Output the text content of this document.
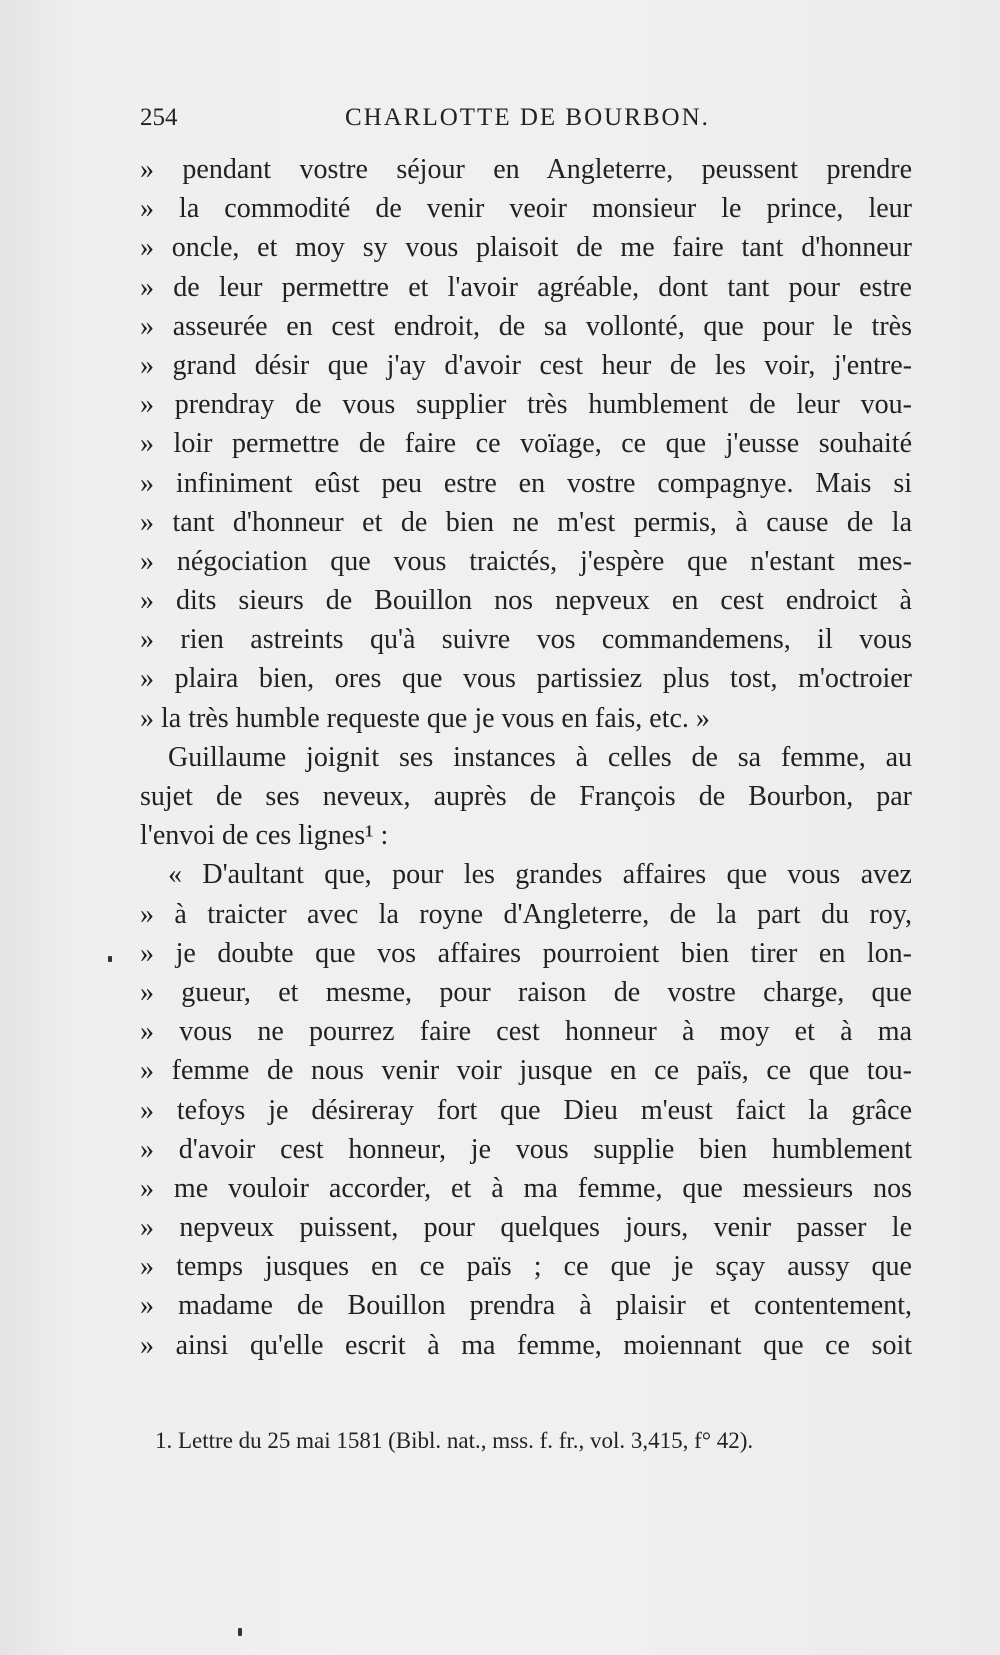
254	CHARLOTTE DE BOURBON.
» pendant vostre séjour en Angleterre, peussent prendre
» la commodité de venir veoir monsieur le prince, leur
» oncle, et moy sy vous plaisoit de me faire tant d'honneur
» de leur permettre et l'avoir agréable, dont tant pour estre
» asseurée en cest endroit, de sa vollonté, que pour le très
» grand désir que j'ay d'avoir cest heur de les voir, j'entre-
» prendray de vous supplier très humblement de leur vou-
» loir permettre de faire ce voïage, ce que j'eusse souhaité
» infiniment eûst peu estre en vostre compagnye. Mais si
» tant d'honneur et de bien ne m'est permis, à cause de la
» négociation que vous traictés, j'espère que n'estant mes-
» dits sieurs de Bouillon nos nepveux en cest endroict à
» rien astreints qu'à suivre vos commandemens, il vous
» plaira bien, ores que vous partissiez plus tost, m'octroier
» la très humble requeste que je vous en fais, etc. »
Guillaume joignit ses instances à celles de sa femme, au
sujet de ses neveux, auprès de François de Bourbon, par
l'envoi de ces lignes¹ :
« D'aultant que, pour les grandes affaires que vous avez
» à traicter avec la royne d'Angleterre, de la part du roy,
» je doubte que vos affaires pourroient bien tirer en lon-
» gueur, et mesme, pour raison de vostre charge, que
» vous ne pourrez faire cest honneur à moy et à ma
» femme de nous venir voir jusque en ce païs, ce que tou-
» tefoys je désireray fort que Dieu m'eust faict la grâce
» d'avoir cest honneur, je vous supplie bien humblement
» me vouloir accorder, et à ma femme, que messieurs nos
» nepveux puissent, pour quelques jours, venir passer le
» temps jusques en ce païs ; ce que je sçay aussy que
» madame de Bouillon prendra à plaisir et contentement,
» ainsi qu'elle escrit à ma femme, moiennant que ce soit
1. Lettre du 25 mai 1581 (Bibl. nat., mss. f. fr., vol. 3,415, f° 42).
